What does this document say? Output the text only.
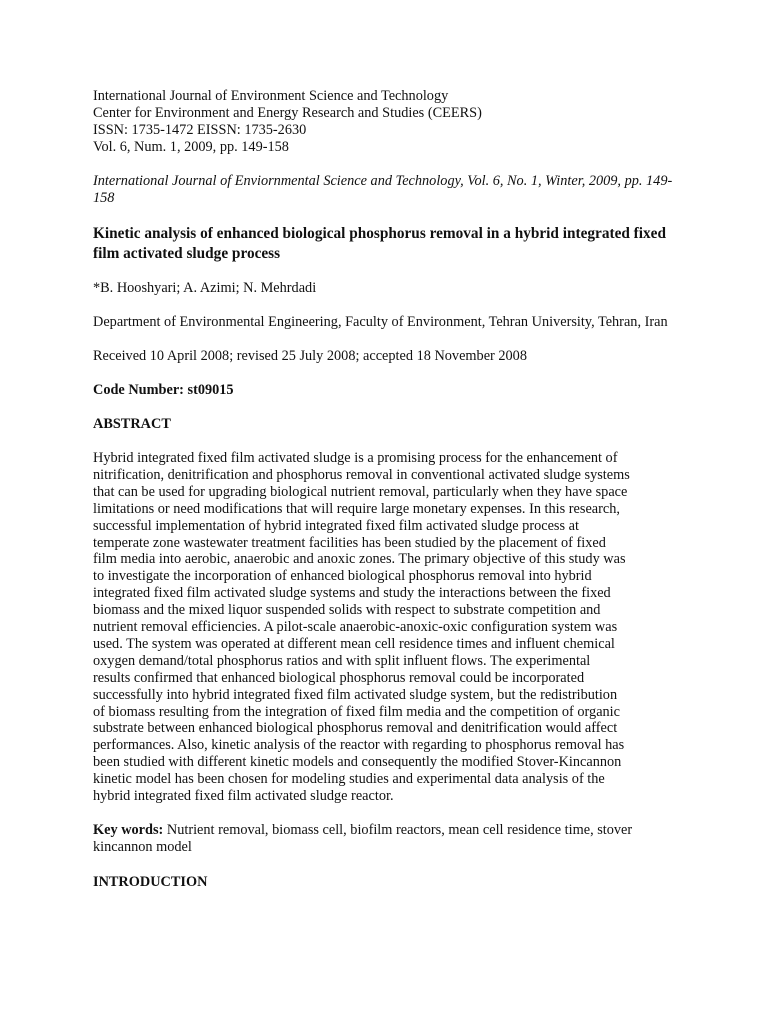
International Journal of Environment Science and Technology
Center for Environment and Energy Research and Studies (CEERS)
ISSN: 1735-1472 EISSN: 1735-2630
Vol. 6, Num. 1, 2009, pp. 149-158

International Journal of Enviornmental Science and Technology, Vol. 6, No. 1, Winter, 2009, pp. 149-158

Kinetic analysis of enhanced biological phosphorus removal in a hybrid integrated fixed film activated sludge process

*B. Hooshyari; A. Azimi; N. Mehrdadi

Department of Environmental Engineering, Faculty of Environment, Tehran University, Tehran, Iran

Received 10 April 2008; revised 25 July 2008; accepted 18 November 2008

Code Number: st09015

ABSTRACT

Hybrid integrated fixed film activated sludge is a promising process for the enhancement of
nitrification, denitrification and phosphorus removal in conventional activated sludge systems
that can be used for upgrading biological nutrient removal, particularly when they have space
limitations or need modifications that will require large monetary expenses. In this research,
successful implementation of hybrid integrated fixed film activated sludge process at
temperate zone wastewater treatment facilities has been studied by the placement of fixed
film media into aerobic, anaerobic and anoxic zones. The primary objective of this study was
to investigate the incorporation of enhanced biological phosphorus removal into hybrid
integrated fixed film activated sludge systems and study the interactions between the fixed
biomass and the mixed liquor suspended solids with respect to substrate competition and
nutrient removal efficiencies. A pilot-scale anaerobic-anoxic-oxic configuration system was
used. The system was operated at different mean cell residence times and influent chemical
oxygen demand/total phosphorus ratios and with split influent flows. The experimental
results confirmed that enhanced biological phosphorus removal could be incorporated
successfully into hybrid integrated fixed film activated sludge system, but the redistribution
of biomass resulting from the integration of fixed film media and the competition of organic
substrate between enhanced biological phosphorus removal and denitrification would affect
performances. Also, kinetic analysis of the reactor with regarding to phosphorus removal has
been studied with different kinetic models and consequently the modified Stover-Kincannon
kinetic model has been chosen for modeling studies and experimental data analysis of the
hybrid integrated fixed film activated sludge reactor.

Key words: Nutrient removal, biomass cell, biofilm reactors, mean cell residence time, stover kincannon model

INTRODUCTION
